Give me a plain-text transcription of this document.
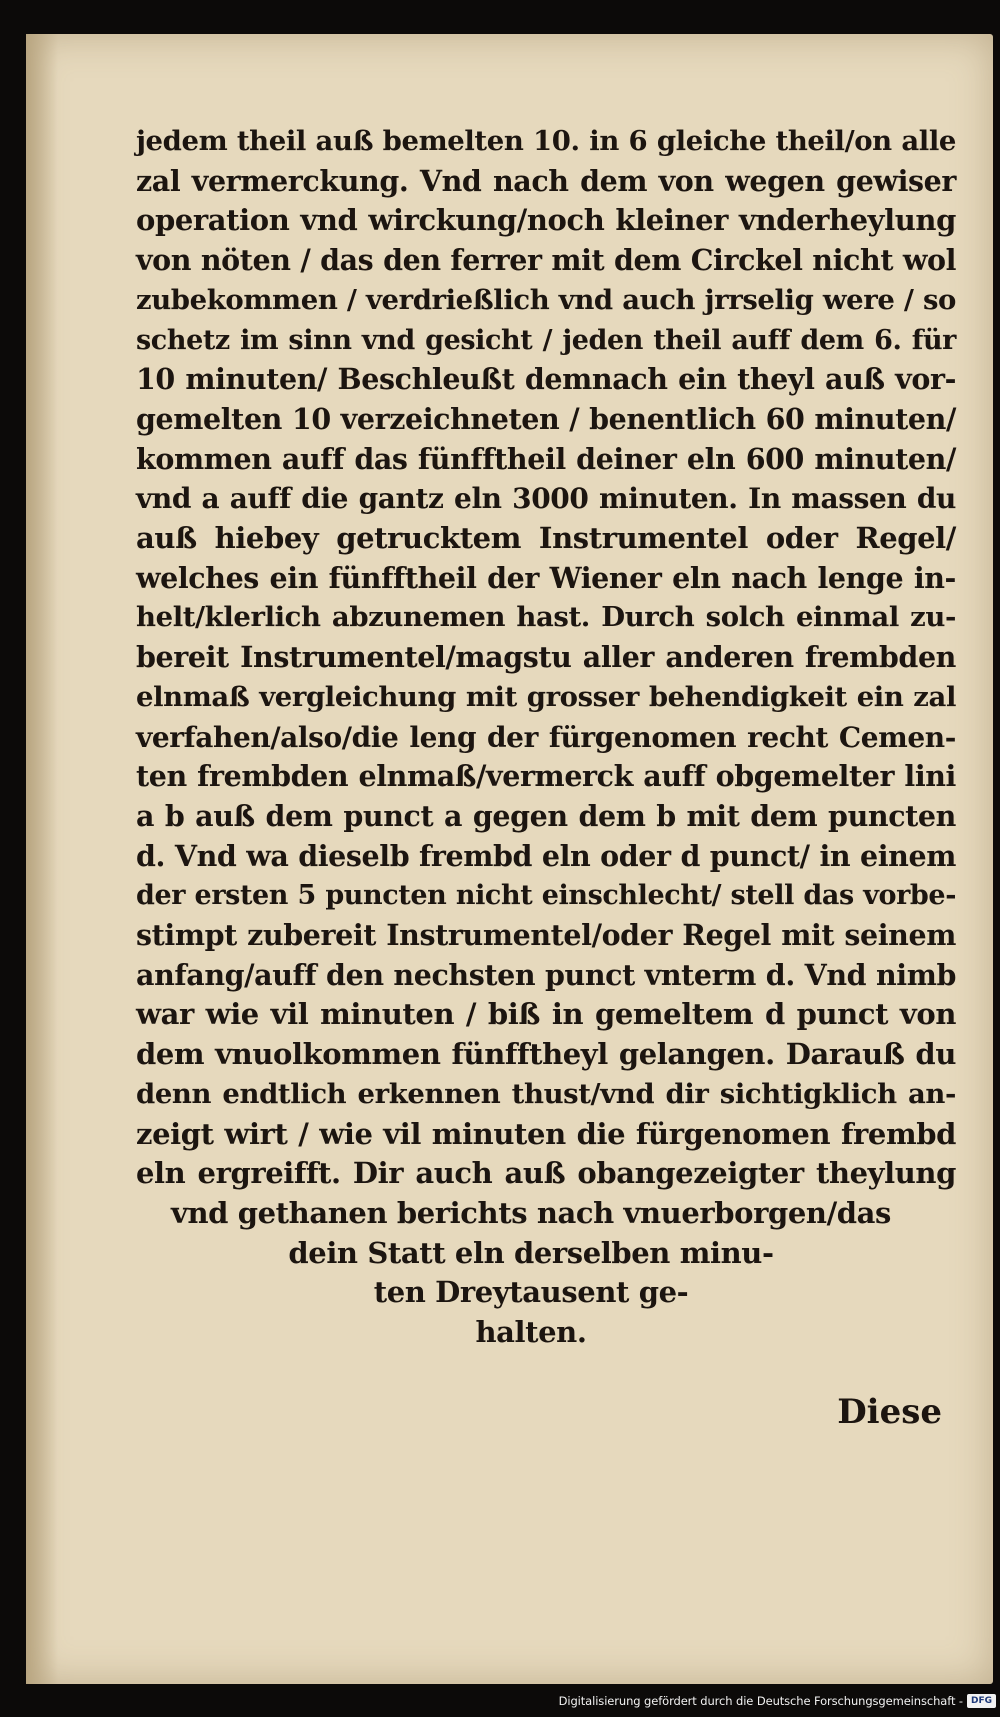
jedem theil auß bemelten 10. in 6 gleiche theil/on alle
zal vermerckung. Vnd nach dem von wegen gewiser
operation vnd wirckung/noch kleiner vnderheylung
von nöten / das den ferrer mit dem Circkel nicht wol
zubekommen / verdrießlich vnd auch jrrselig were / so
schetz im sinn vnd gesicht / jeden theil auff dem 6. für
10 minuten/ Beschleußt demnach ein theyl auß vor-
gemelten 10 verzeichneten / benentlich 60 minuten/
kommen auff das fünfftheil deiner eln 600 minuten/
vnd a auff die gantz eln 3000 minuten. In massen du
auß hiebey getrucktem Instrumentel oder Regel/
welches ein fünfftheil der Wiener eln nach lenge in-
helt/klerlich abzunemen hast. Durch solch einmal zu-
bereit Instrumentel/magstu aller anderen frembden
elnmaß vergleichung mit grosser behendigkeit ein zal
verfahen/also/die leng der fürgenomen recht Cemen-
ten frembden elnmaß/vermerck auff obgemelter lini
a b auß dem punct a gegen dem b mit dem puncten
d. Vnd wa dieselb frembd eln oder d punct/ in einem
der ersten 5 puncten nicht einschlecht/ stell das vorbe-
stimpt zubereit Instrumentel/oder Regel mit seinem
anfang/auff den nechsten punct vnterm d. Vnd nimb
war wie vil minuten / biß in gemeltem d punct von
dem vnuolkommen fünfftheyl gelangen. Darauß du
denn endtlich erkennen thust/vnd dir sichtigklich an-
zeigt wirt / wie vil minuten die fürgenomen frembd
eln ergreifft. Dir auch auß obangezeigter theylung
vnd gethanen berichts nach vnuerborgen/das
dein Statt eln derselben minu-
ten Dreytausent ge-
halten.
Diese
Digitalisierung gefördert durch die Deutsche Forschungsgemeinschaft - DFG
